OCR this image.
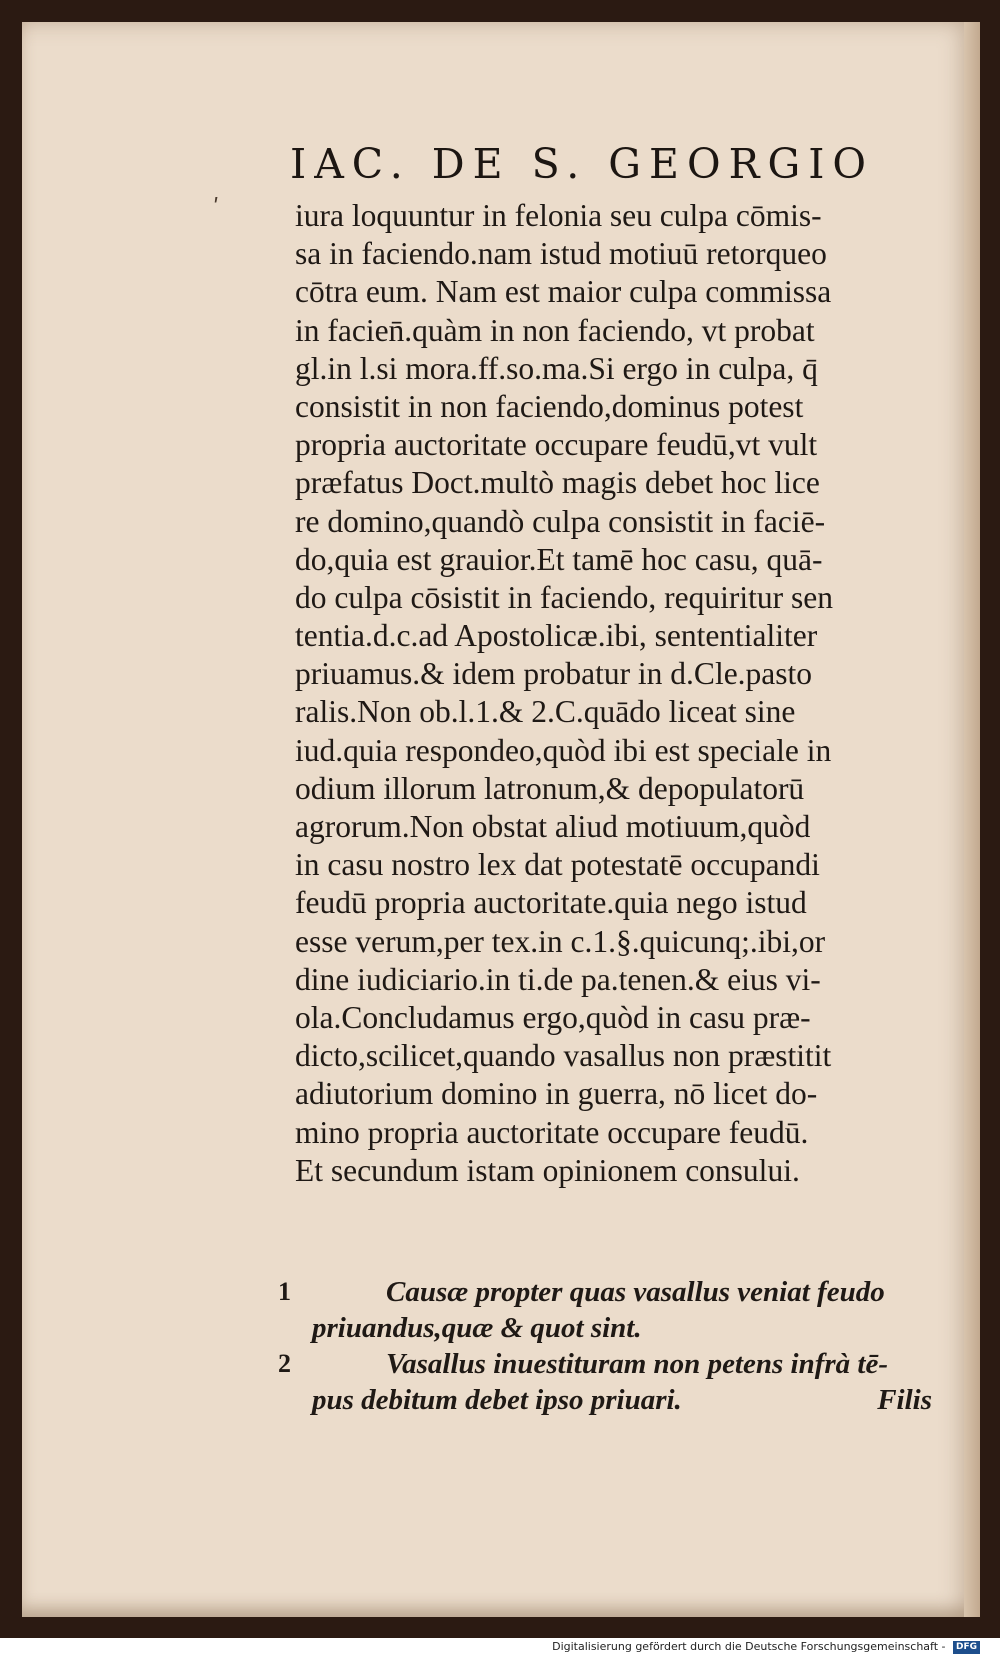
ʹ
IAC. DE S. GEORGIO
iura loquuntur in felonia seu culpa cōmis-
sa in faciendo.nam istud motiuū retorqueo
cōtra eum. Nam est maior culpa commissa
in facien̄.quàm in non faciendo, vt probat
gl.in l.si mora.ff.so.ma.Si ergo in culpa, q̄
consistit in non faciendo,dominus potest
propria auctoritate occupare feudū,vt vult
præfatus Doct.multò magis debet hoc lice
re domino,quandò culpa consistit in faciē-
do,quia est grauior.Et tamē hoc casu, quā-
do culpa cōsistit in faciendo, requiritur sen
tentia.d.c.ad Apostolicæ.ibi, sententialiter
priuamus.& idem probatur in d.Cle.pasto
ralis.Non ob.l.1.& 2.C.quādo liceat sine
iud.quia respondeo,quòd ibi est speciale in
odium illorum latronum,& depopulatorū
agrorum.Non obstat aliud motiuum,quòd
in casu nostro lex dat potestatē occupandi
feudū propria auctoritate.quia nego istud
esse verum,per tex.in c.1.§.quicunq;.ibi,or
dine iudiciario.in ti.de pa.tenen.& eius vi-
ola.Concludamus ergo,quòd in casu præ-
dicto,scilicet,quando vasallus non præstitit
adiutorium domino in guerra, nō licet do-
mino propria auctoritate occupare feudū.
Et secundum istam opinionem consului.
1	Causæ propter quas vasallus veniat feudo
priuandus,quæ & quot sint.
2	Vasallus inuestituram non petens infrà tē-
pus debitum debet ipso priuari.	Filis
Digitalisierung gefördert durch die Deutsche Forschungsgemeinschaft - DFG
